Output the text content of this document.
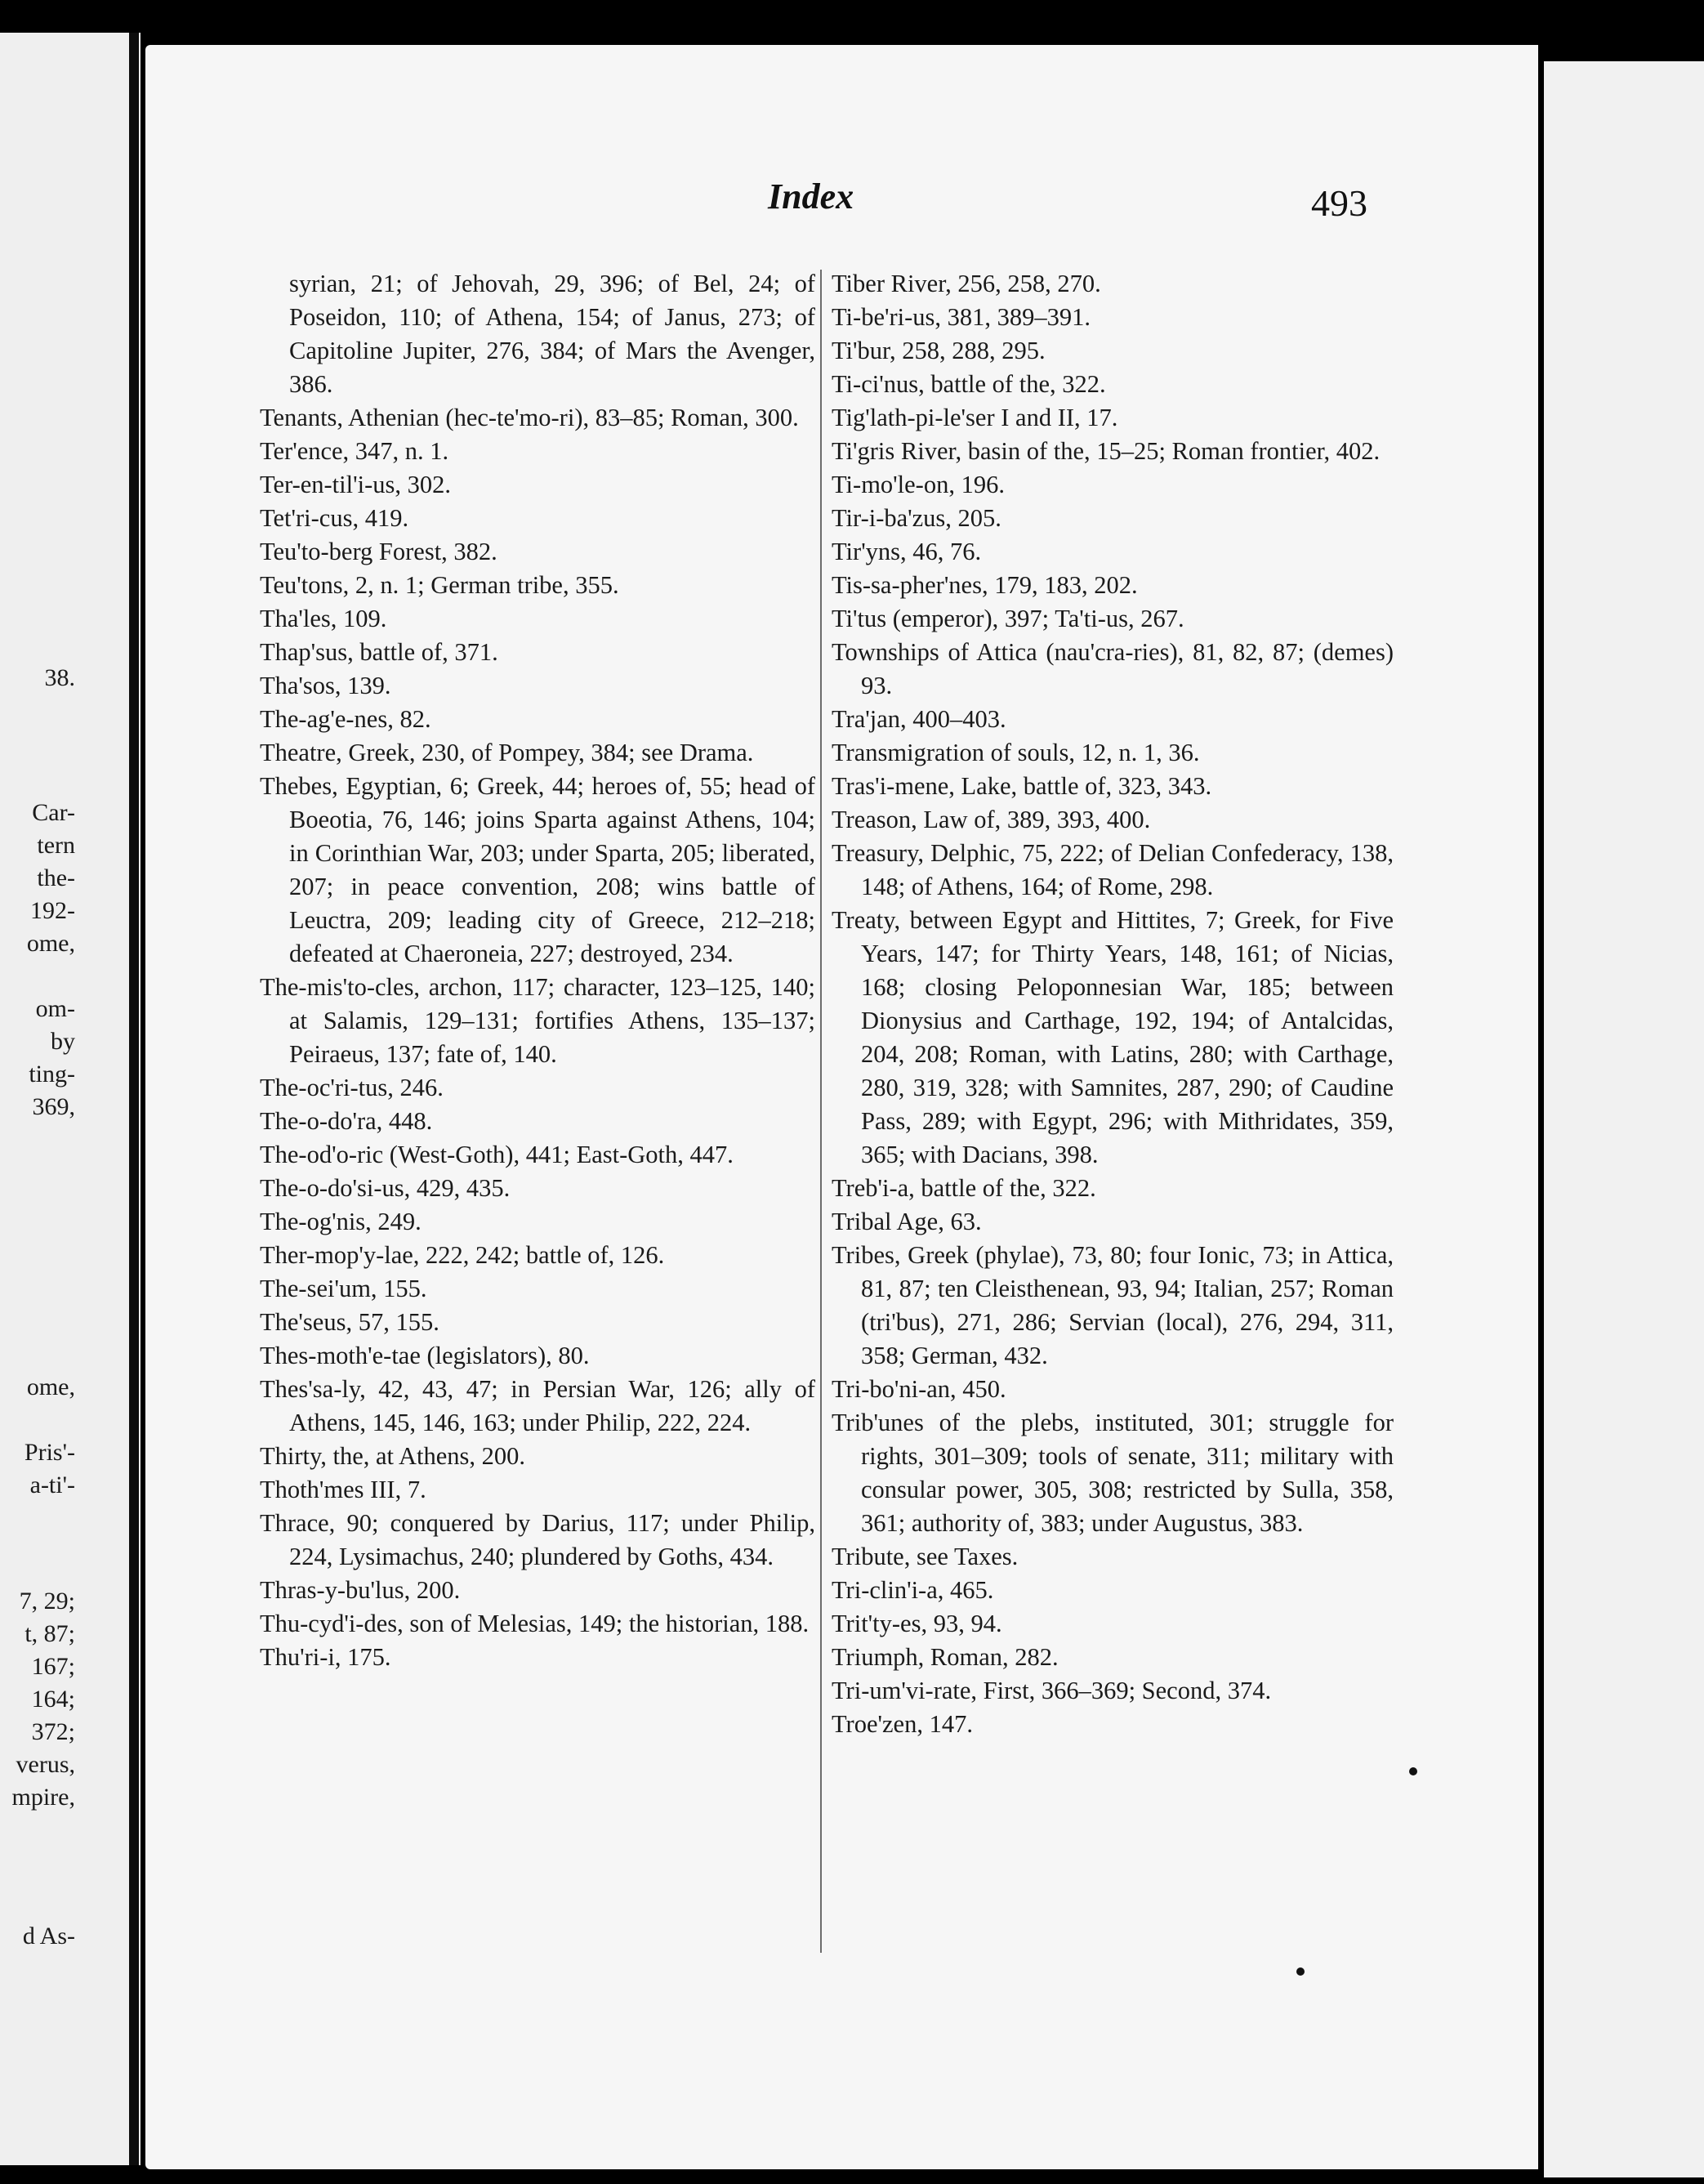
38.
Car-
tern
the-
192-
ome,
om-
by
ting-
369,
ome,
Pris'-
a-ti'-
7, 29;
t, 87;
167;
164;
372;
verus,
mpire,
d As-
Index	493

syrian, 21; of Jehovah, 29, 396; of Bel, 24; of Poseidon, 110; of Athena, 154; of Janus, 273; of Capitoline Jupiter, 276, 384; of Mars the Avenger, 386.

Tenants, Athenian (hec-te'mo-ri), 83–85; Roman, 300.

Ter'ence, 347, n. 1.

Ter-en-til'i-us, 302.

Tet'ri-cus, 419.

Teu'to-berg Forest, 382.

Teu'tons, 2, n. 1; German tribe, 355.

Tha'les, 109.

Thap'sus, battle of, 371.

Tha'sos, 139.

The-ag'e-nes, 82.

Theatre, Greek, 230, of Pompey, 384; see Drama.

Thebes, Egyptian, 6; Greek, 44; heroes of, 55; head of Boeotia, 76, 146; joins Sparta against Athens, 104; in Corinthian War, 203; under Sparta, 205; liberated, 207; in peace convention, 208; wins battle of Leuctra, 209; leading city of Greece, 212–218; defeated at Chaeroneia, 227; destroyed, 234.

The-mis'to-cles, archon, 117; character, 123–125, 140; at Salamis, 129–131; fortifies Athens, 135–137; Peiraeus, 137; fate of, 140.

The-oc'ri-tus, 246.

The-o-do'ra, 448.

The-od'o-ric (West-Goth), 441; East-Goth, 447.

The-o-do'si-us, 429, 435.

The-og'nis, 249.

Ther-mop'y-lae, 222, 242; battle of, 126.

The-sei'um, 155.

The'seus, 57, 155.

Thes-moth'e-tae (legislators), 80.

Thes'sa-ly, 42, 43, 47; in Persian War, 126; ally of Athens, 145, 146, 163; under Philip, 222, 224.

Thirty, the, at Athens, 200.

Thoth'mes III, 7.

Thrace, 90; conquered by Darius, 117; under Philip, 224, Lysimachus, 240; plundered by Goths, 434.

Thras-y-bu'lus, 200.

Thu-cyd'i-des, son of Melesias, 149; the historian, 188.

Thu'ri-i, 175.

Tiber River, 256, 258, 270.

Ti-be'ri-us, 381, 389–391.

Ti'bur, 258, 288, 295.

Ti-ci'nus, battle of the, 322.

Tig'lath-pi-le'ser I and II, 17.

Ti'gris River, basin of the, 15–25; Roman frontier, 402.

Ti-mo'le-on, 196.

Tir-i-ba'zus, 205.

Tir'yns, 46, 76.

Tis-sa-pher'nes, 179, 183, 202.

Ti'tus (emperor), 397; Ta'ti-us, 267.

Townships of Attica (nau'cra-ries), 81, 82, 87; (demes) 93.

Tra'jan, 400–403.

Transmigration of souls, 12, n. 1, 36.

Tras'i-mene, Lake, battle of, 323, 343.

Treason, Law of, 389, 393, 400.

Treasury, Delphic, 75, 222; of Delian Confederacy, 138, 148; of Athens, 164; of Rome, 298.

Treaty, between Egypt and Hittites, 7; Greek, for Five Years, 147; for Thirty Years, 148, 161; of Nicias, 168; closing Peloponnesian War, 185; between Dionysius and Carthage, 192, 194; of Antalcidas, 204, 208; Roman, with Latins, 280; with Carthage, 280, 319, 328; with Samnites, 287, 290; of Caudine Pass, 289; with Egypt, 296; with Mithridates, 359, 365; with Dacians, 398.

Treb'i-a, battle of the, 322.

Tribal Age, 63.

Tribes, Greek (phylae), 73, 80; four Ionic, 73; in Attica, 81, 87; ten Cleisthenean, 93, 94; Italian, 257; Roman (tri'bus), 271, 286; Servian (local), 276, 294, 311, 358; German, 432.

Tri-bo'ni-an, 450.

Trib'unes of the plebs, instituted, 301; struggle for rights, 301–309; tools of senate, 311; military with consular power, 305, 308; restricted by Sulla, 358, 361; authority of, 383; under Augustus, 383.

Tribute, see Taxes.

Tri-clin'i-a, 465.

Trit'ty-es, 93, 94.

Triumph, Roman, 282.

Tri-um'vi-rate, First, 366–369; Second, 374.

Troe'zen, 147.
